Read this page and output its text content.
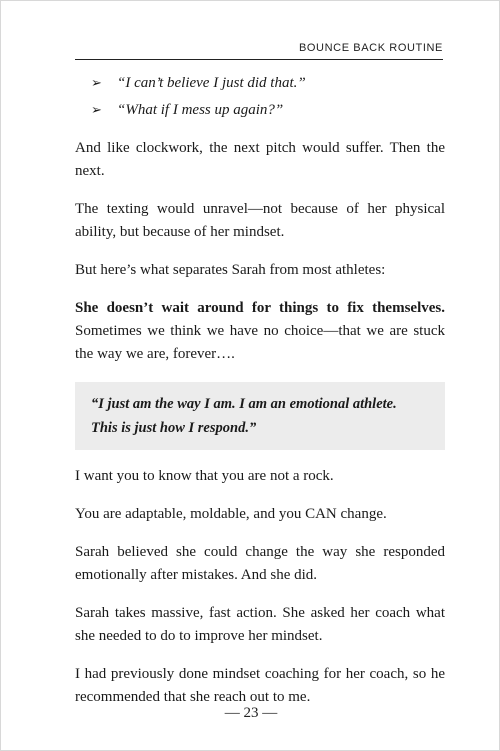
BOUNCE BACK ROUTINE
➢	“I can’t believe I just did that.”
➢	“What if I mess up again?”

And like clockwork, the next pitch would suffer. Then the next.

The texting would unravel—not because of her physical ability, but because of her mindset.

But here’s what separates Sarah from most athletes:

She doesn’t wait around for things to fix themselves. Sometimes we think we have no choice—that we are stuck the way we are, forever….

“I just am the way I am. I am an emotional athlete.
This is just how I respond.”

I want you to know that you are not a rock.

You are adaptable, moldable, and you CAN change.

Sarah believed she could change the way she responded emotionally after mistakes. And she did.

Sarah takes massive, fast action. She asked her coach what she needed to do to improve her mindset.

I had previously done mindset coaching for her coach, so he recommended that she reach out to me.

— 23 —
